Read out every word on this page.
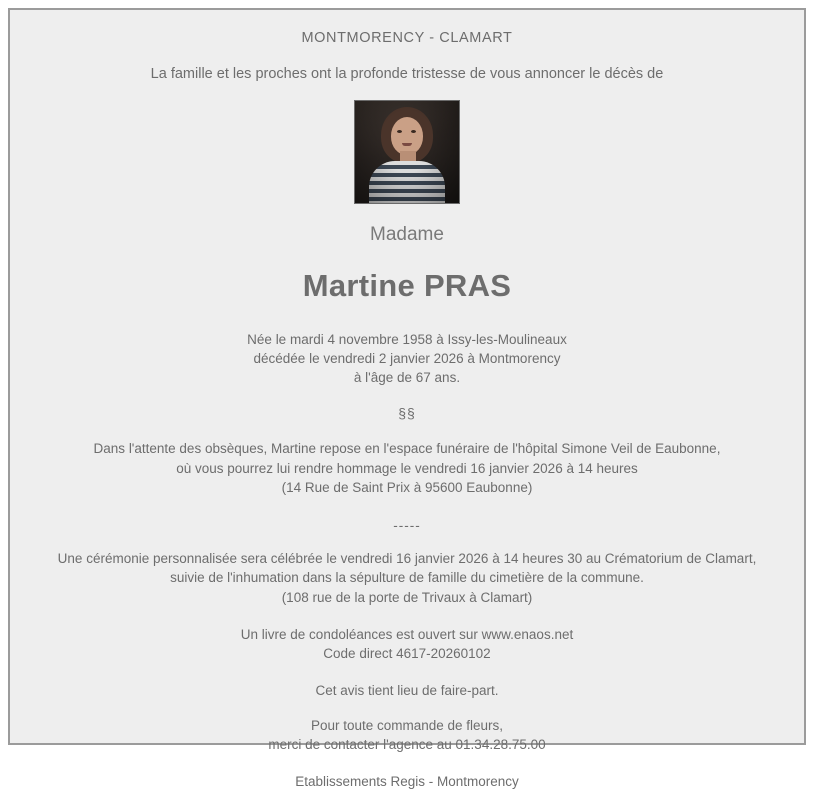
MONTMORENCY - CLAMART
La famille et les proches ont la profonde tristesse de vous annoncer le décès de
Madame
Martine PRAS
Née le mardi 4 novembre 1958 à Issy-les-Moulineaux
décédée le vendredi 2 janvier 2026 à Montmorency
à l'âge de 67 ans.
§§
Dans l'attente des obsèques, Martine repose en l'espace funéraire de l'hôpital Simone Veil de Eaubonne,
où vous pourrez lui rendre hommage le vendredi 16 janvier 2026 à 14 heures
(14 Rue de Saint Prix à 95600 Eaubonne)
-----
Une cérémonie personnalisée sera célébrée le vendredi 16 janvier 2026 à 14 heures 30 au Crématorium de Clamart,
suivie de l'inhumation dans la sépulture de famille du cimetière de la commune.
(108 rue de la porte de Trivaux à Clamart)
Un livre de condoléances est ouvert sur www.enaos.net
Code direct 4617-20260102
Cet avis tient lieu de faire-part.
Pour toute commande de fleurs,
merci de contacter l'agence au 01.34.28.75.00
Etablissements Regis - Montmorency
